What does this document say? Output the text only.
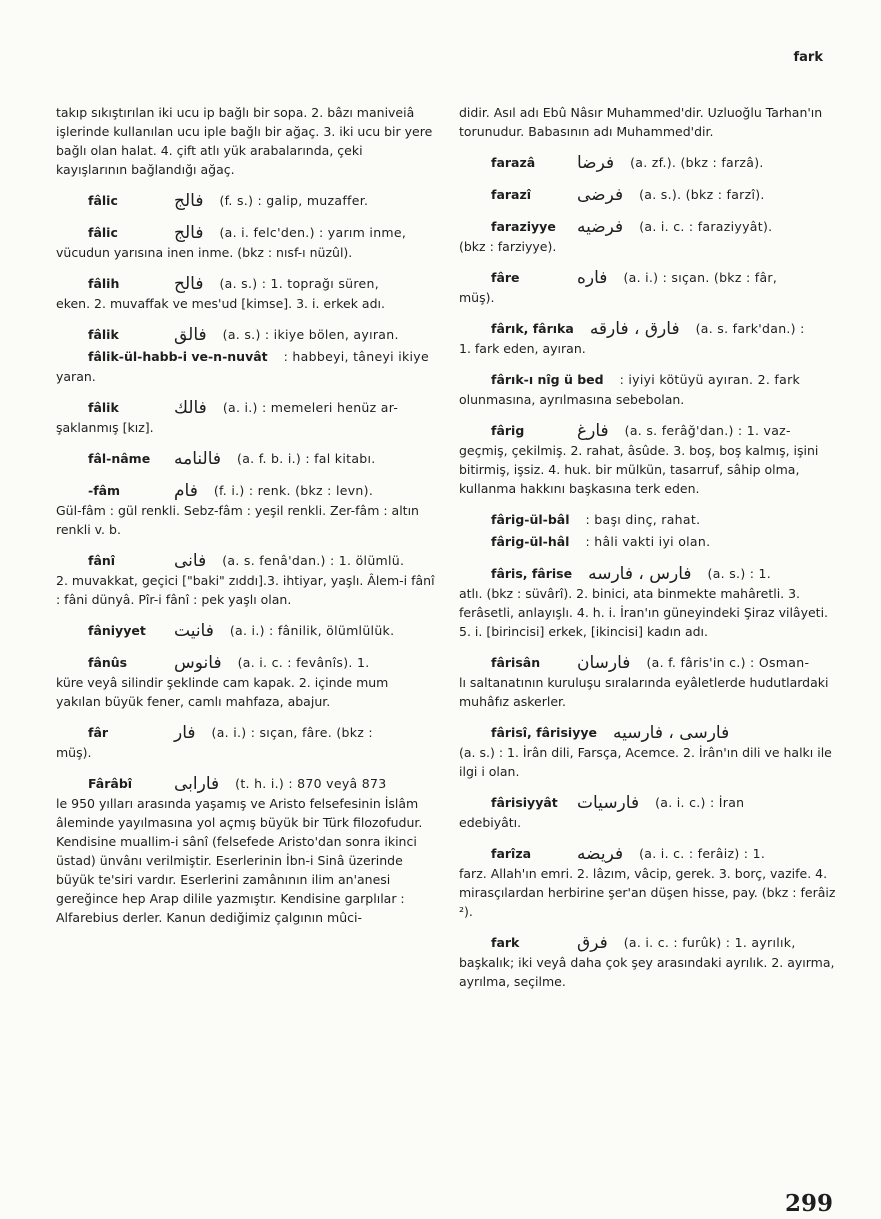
fark
takıp sıkıştırılan iki ucu ip bağlı bir sopa. 2. bâzı maniveiâ işlerinde kullanılan ucu iple bağlı bir ağaç. 3. iki ucu bir yere bağlı olan halat. 4. çift atlı yük arabalarında, çeki kayışlarının bağlandığı ağaç.
fâlic	فالج (f. s.) : galip, muzaffer.
fâlic	فالج (a. i. felc'den.) : yarım inme,
vücudun yarısına inen inme. (bkz : nısf-ı nüzûl).
fâlih	فالح (a. s.) : 1. toprağı süren,
eken. 2. muvaffak ve mes'ud [kimse]. 3. i. erkek adı.
fâlik	فالق (a. s.) : ikiye bölen, ayıran.
fâlik-ül-habb-i ve-n-nuvât : habbeyi, tâneyi ikiye
yaran.
fâlik	فالك (a. i.) : memeleri henüz ar-
şaklanmış [kız].
fâl-nâme	فالنامه (a. f. b. i.) : fal kitabı.
-fâm	فام (f. i.) : renk. (bkz : levn).
Gül-fâm : gül renkli. Sebz-fâm : yeşil renkli. Zer-fâm : altın renkli v. b.
fânî	فانى (a. s. fenâ'dan.) : 1. ölümlü.
2. muvakkat, geçici ["baki" zıddı].3. ihtiyar, yaşlı. Âlem-i fânî : fâni dünyâ. Pîr-i fânî : pek yaşlı olan.
fâniyyet	فانيت (a. i.) : fânilik, ölümlülük.
fânûs	فانوس (a. i. c. : fevânîs). 1.
küre veyâ silindir şeklinde cam kapak. 2. içinde mum yakılan büyük fener, camlı mahfaza, abajur.
fâr	فار (a. i.) : sıçan, fâre. (bkz :
müş).
Fârâbî	فارابى (t. h. i.) : 870 veyâ 873
le 950 yılları arasında yaşamış ve Aristo felsefesinin İslâm âleminde yayılmasına yol açmış büyük bir Türk filozofudur. Kendisine muallim-i sânî (felsefede Aristo'dan sonra ikinci üstad) ünvânı verilmiştir. Eserlerinin İbn-i Sinâ üzerinde büyük te'siri vardır. Eserlerini zamânının ilim an'anesi gereğince hep Arap dilile yazmıştır. Kendisine garplılar : Alfarebius derler. Kanun dediğimiz çalgının mûci-
didir. Asıl adı Ebû Nâsır Muhammed'dir. Uzluoğlu Tarhan'ın torunudur. Babasının adı Muhammed'dir.
farazâ	فرضا (a. zf.). (bkz : farzâ).
farazî	فرضى (a. s.). (bkz : farzî).
faraziyye	فرضيه (a. i. c. : faraziyyât).
(bkz : farziyye).
fâre	فاره (a. i.) : sıçan. (bkz : fâr,
müş).
fârık, fârıka فارق ، فارقه (a. s. fark'dan.) :
1. fark eden, ayıran.
fârık-ı nîg ü bed : iyiyi kötüyü ayıran. 2. fark
olunmasına, ayrılmasına sebebolan.
fârig	فارغ (a. s. ferâğ'dan.) : 1. vaz-
geçmiş, çekilmiş. 2. rahat, âsûde. 3. boş, boş kalmış, işini bitirmiş, işsiz. 4. huk. bir mülkün, tasarruf, sâhip olma, kullanma hakkını başkasına terk eden.
fârig-ül-bâl : başı dinç, rahat.
fârig-ül-hâl : hâli vakti iyi olan.
fâris, fârise فارس ، فارسه (a. s.) : 1.
atlı. (bkz : süvârî). 2. binici, ata binmekte mahâretli. 3. ferâsetli, anlayışlı. 4. h. i. İran'ın güneyindeki Şiraz vilâyeti. 5. i. [birincisi] erkek, [ikincisi] kadın adı.
fârisân	فارسان (a. f. fâris'in c.) : Osman-
lı saltanatının kuruluşu sıralarında eyâletlerde hudutlardaki muhâfız askerler.
fârisî, fârisiyye فارسى ، فارسيه
(a. s.) : 1. İrân dili, Farsça, Acemce. 2. İrân'ın dili ve halkı ile ilgi i olan.
fârisiyyât فارسيات (a. i. c.) : İran
edebiyâtı.
farîza	فريضه (a. i. c. : ferâiz) : 1.
farz. Allah'ın emri. 2. lâzım, vâcip, gerek. 3. borç, vazife. 4. mirasçılardan herbirine şer'an düşen hisse, pay. (bkz : ferâiz ²).
fark	فرق (a. i. c. : furûk) : 1. ayrılık,
başkalık; iki veyâ daha çok şey arasındaki ayrılık. 2. ayırma, ayrılma, seçilme.
299
